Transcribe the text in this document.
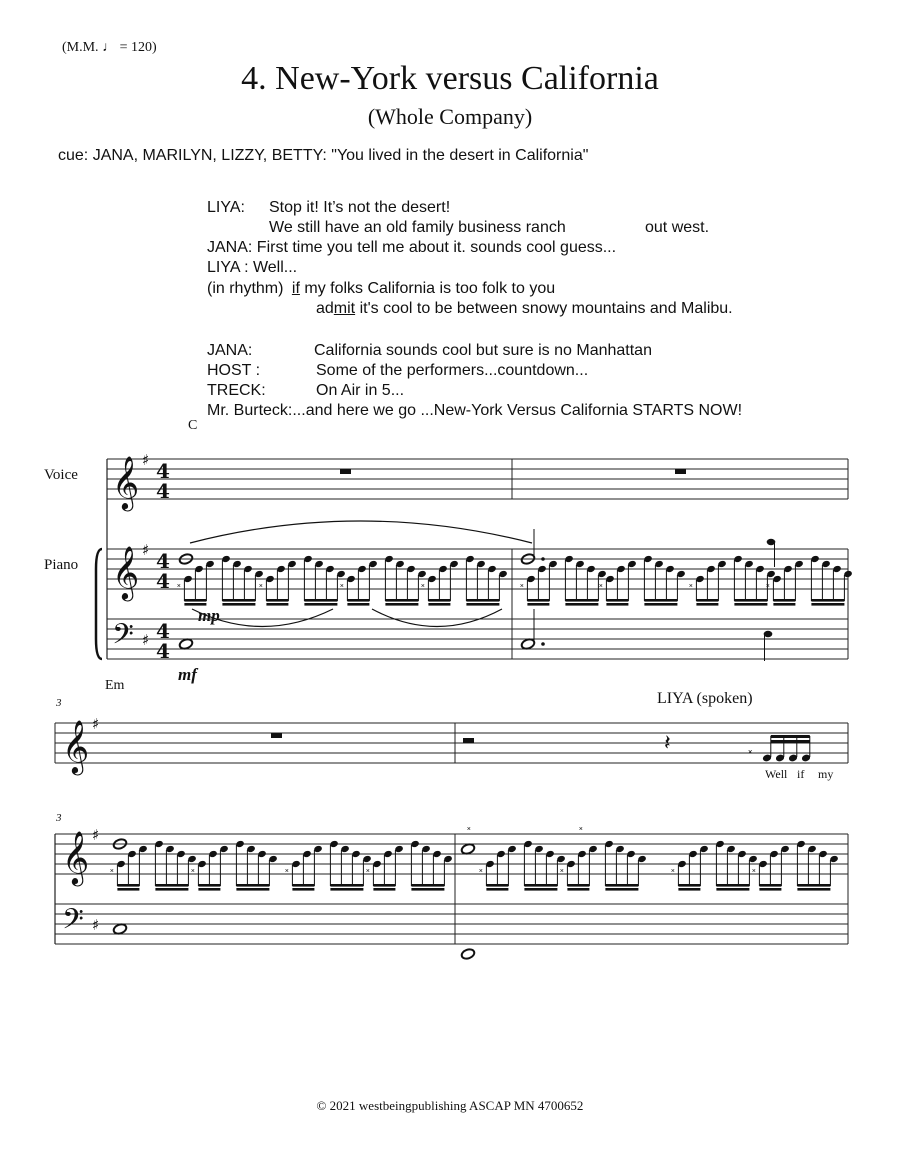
(M.M. ♩ = 120)
4. New-York versus California
(Whole Company)
cue: JANA, MARILYN, LIZZY, BETTY: "You lived in the desert in California"
LIYA: Stop it! It’s not the desert!
We still have an old family business ranch	out west.
JANA: First time you tell me about it. sounds cool guess...
LIYA : Well...
(in rhythm) if my folks California is too folk to you
admit it's cool to be between snowy mountains and Malibu.
JANA:	California sounds cool but sure is no Manhattan
HOST :	Some of the performers...countdown...
TRECK:	On Air in 5...
Mr. Burteck:...and here we go ...New-York Versus California STARTS NOW!
C
Voice
Piano
mp
mf
Em
3
3
LIYA (spoken)
Well if my
𝄞 ♯ 4
4
𝄞 ♯ 4
4
𝄢 ♯ 4
4
𝄞 ♯
𝄞 ♯
𝄢 ♯
𝄽	𝅃
𝅃	𝅃	𝅃	𝅃	𝅃	𝅃	𝅃	𝅃
𝅃	𝅃	𝅃	𝅃	𝅃	𝅃	𝅃	𝅃
𝅃	𝅃
© 2021 westbeingpublishing ASCAP MN 4700652
